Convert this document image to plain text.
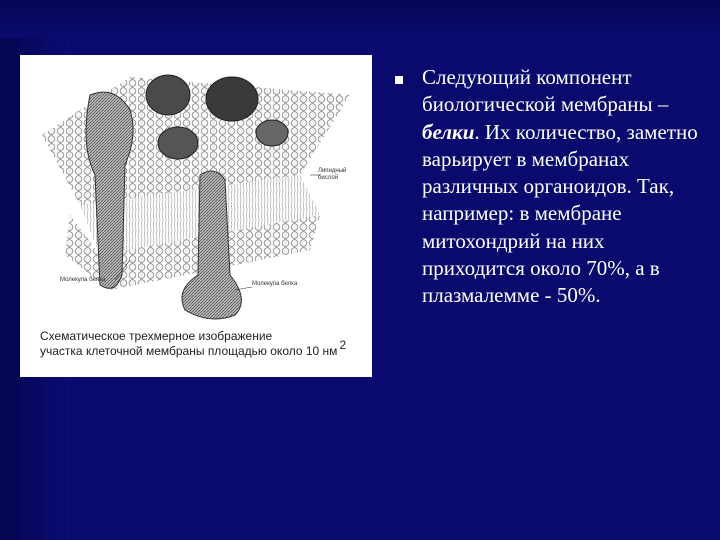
Липидный бислой
Молекула белка
Молекула белка
Схематическое трехмерное изображение
участка клеточной мембраны площадью около 10 нм 2
Следующий компонент биологической мембраны – белки. Их количество, заметно варьирует в мембранах различных органоидов. Так, например: в мембране митохондрий на них приходится около 70%, а в плазмалемме - 50%.
